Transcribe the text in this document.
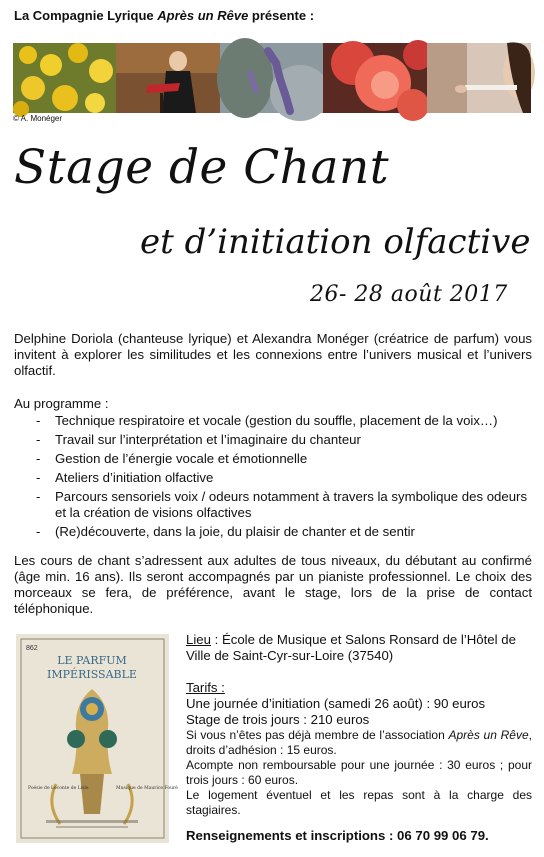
La Compagnie Lyrique Après un Rêve présente :
© A. Monéger
Stage de Chant
et d’initiation olfactive
26- 28 août 2017
Delphine Doriola (chanteuse lyrique) et Alexandra Monéger (créatrice de parfum) vous invitent à explorer les similitudes et les connexions entre l’univers musical et l’univers olfactif.
Au programme :
- Technique respiratoire et vocale (gestion du souffle, placement de la voix…)
- Travail sur l’interprétation et l’imaginaire du chanteur
- Gestion de l’énergie vocale et émotionnelle
- Ateliers d’initiation olfactive
- Parcours sensoriels voix / odeurs notamment à travers la symbolique des odeurs et la création de visions olfactives
- (Re)découverte, dans la joie, du plaisir de chanter et de sentir
Les cours de chant s’adressent aux adultes de tous niveaux, du débutant au confirmé (âge min. 16 ans). Ils seront accompagnés par un pianiste professionnel. Le choix des morceaux se fera, de préférence, avant le stage, lors de la prise de contact téléphonique.
862
LE PARFUM
IMPÉRISSABLE
Poésie de Leconte de Lisle	Musique de Maurice Fouré
Lieu : École de Musique et Salons Ronsard de l’Hôtel de Ville de Saint-Cyr-sur-Loire (37540)
Tarifs :
Une journée d’initiation (samedi 26 août) : 90 euros
Stage de trois jours : 210 euros
Si vous n’êtes pas déjà membre de l’association Après un Rêve, droits d’adhésion : 15 euros.
Acompte non remboursable pour une journée : 30 euros ; pour trois jours : 60 euros.
Le logement éventuel et les repas sont à la charge des stagiaires.
Renseignements et inscriptions : 06 70 99 06 79.
